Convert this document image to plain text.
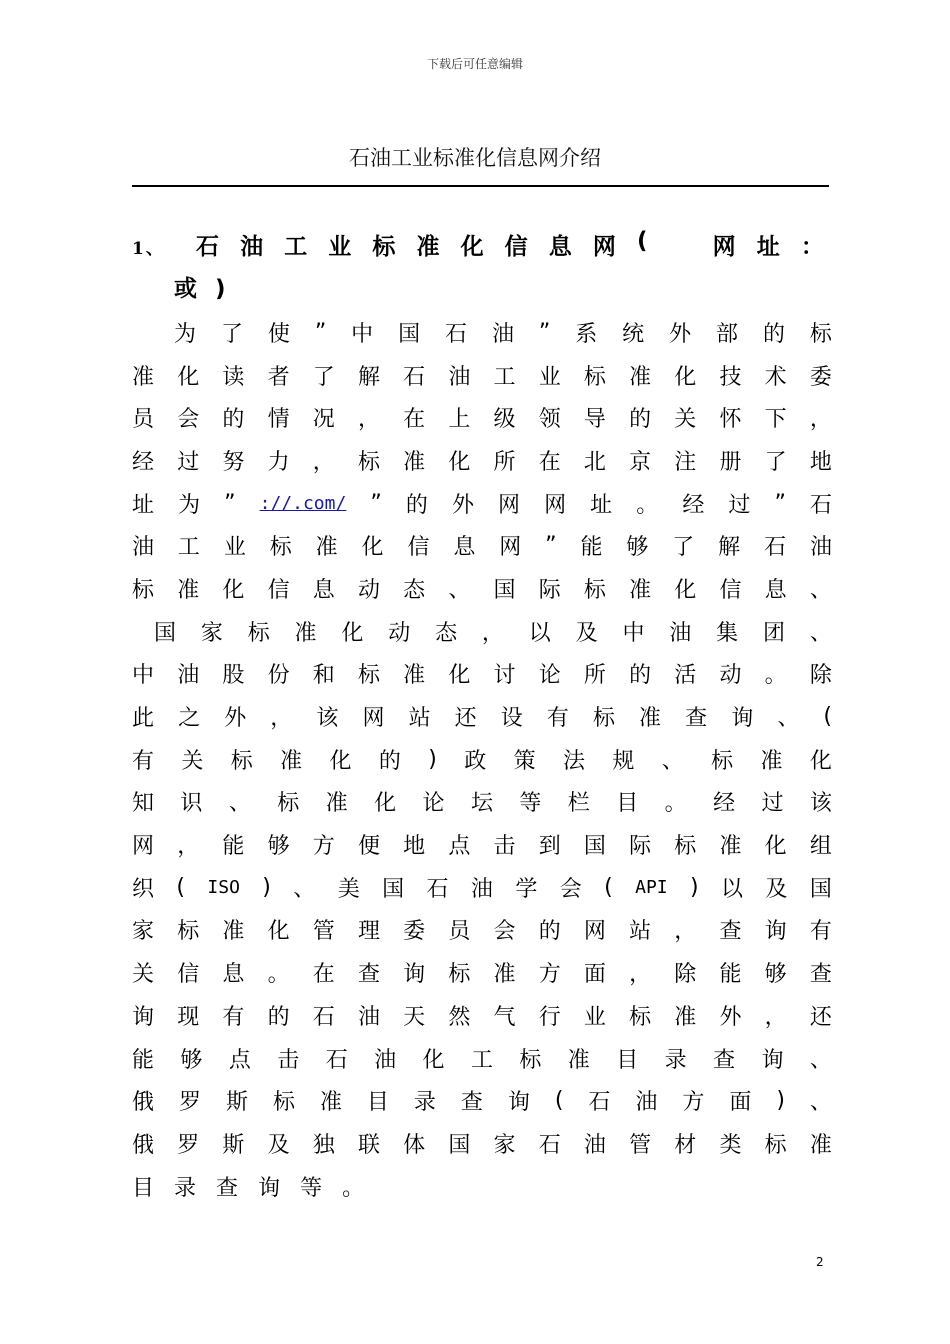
下载后可任意编辑
石油工业标准化信息网介绍
1、	石 油 工 业 标 准 化 信 息 网 (
　	网 址 ：
或)
为 了 使 ” 中 国 石 油 ” 系 统 外 部 的 标
准 化 读 者 了 解 石 油 工 业 标 准 化 技 术 委
员 会 的 情 况 ， 在 上 级 领 导 的 关 怀 下 ，
经 过 努 力 ， 标 准 化 所 在 北 京 注 册 了 地
址 为 ” ://.com/ ” 的 外 网 网 址 。 经 过 ” 石
油 工 业 标 准 化 信 息 网 ” 能 够 了 解 石 油
标 准 化 信 息 动 态 、 国 际 标 准 化 信 息 、
国 家 标 准 化 动 态 ， 以 及 中 油 集 团 、
中 油 股 份 和 标 准 化 讨 论 所 的 活 动 。 除
此 之 外 ， 该 网 站 还 设 有 标 准 查 询 、 (
有 关 标 准 化 的 ) 政 策 法 规 、 标 准 化
知 识 、 标 准 化 论 坛 等 栏 目 。 经 过 该
网 ， 能 够 方 便 地 点 击 到 国 际 标 准 化 组
织 ( ISO ) 、 美 国 石 油 学 会 ( API ) 以 及 国
家 标 准 化 管 理 委 员 会 的 网 站 ， 查 询 有
关 信 息 。 在 查 询 标 准 方 面 ， 除 能 够 查
询 现 有 的 石 油 天 然 气 行 业 标 准 外 ， 还
能 够 点 击 石 油 化 工 标 准 目 录 查 询 、
俄 罗 斯 标 准 目 录 查 询 ( 石 油 方 面 ) 、
俄 罗 斯 及 独 联 体 国 家 石 油 管 材 类 标 准
目 录 查 询 等 。
2
